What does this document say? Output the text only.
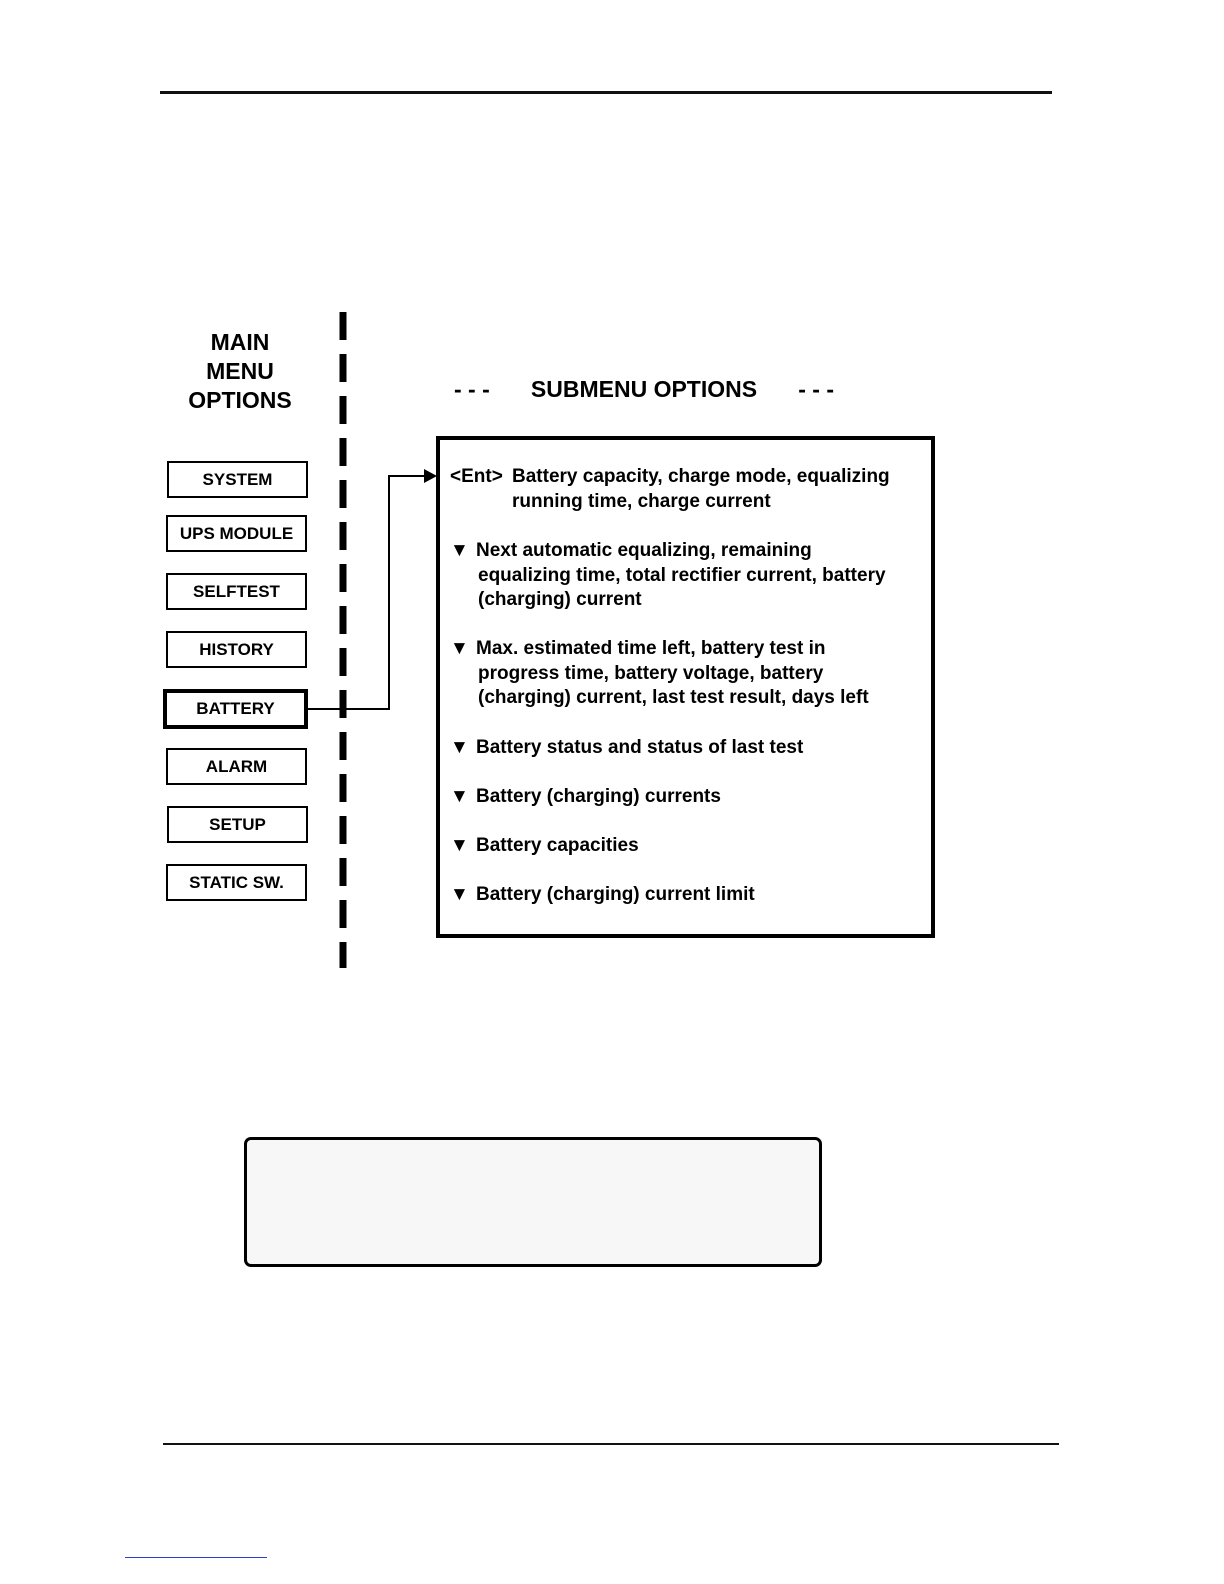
MAIN
MENU
OPTIONS
SYSTEM
UPS MODULE
SELFTEST
HISTORY
BATTERY
ALARM
SETUP
STATIC SW.
- - - SUBMENU OPTIONS - - -
<Ent> Battery capacity, charge mode, equalizing
running time, charge current
▼ Next automatic equalizing, remaining
equalizing time, total rectifier current, battery
(charging) current
▼ Max. estimated time left, battery test in
progress time, battery voltage, battery
(charging) current, last test result, days left
▼ Battery status and status of last test
▼ Battery (charging) currents
▼ Battery capacities
▼ Battery (charging) current limit
